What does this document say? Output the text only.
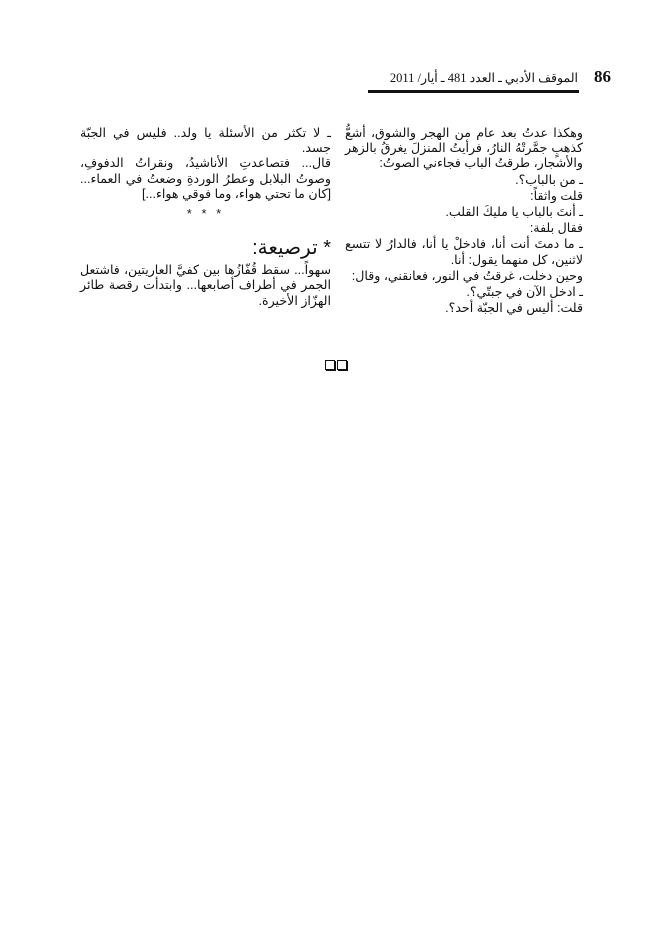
الموقف الأدبي ـ العدد 481 ـ أيار/ 2011 86

وهكذا عدتُ بعد عام من الهجر والشوق، أشعُّ كذهبٍ جمَّرتْهُ النارُ، فرأيتُ المنزلَ يغرقُ بالزهر والأشجار، طرقتُ الباب فجاءني الصوتُ:

ـ من بالباب؟.

قلت واثقاً:

ـ أنتَ بالباب يا مليكَ القلب.

فقال بلفة:

ـ ما دمتَ أنت أنا، فادخلْ يا أنا، فالدارُ لا تتسع لاثنين، كل منهما يقول: أنا.

وحين دخلت، غرقتُ في النور، فعانقني، وقال:

ـ ادخل الآن في جبتّي؟.

قلت: أليس في الجبّة أحد؟.

ـ لا تكثر من الأسئلة يا ولد.. فليس في الجبّة جسد.

قال... فتصاعدتِ الأناشيدُ، ونقراتُ الدفوفِ، وصوتُ البلابل وعطرُ الوردةِ وضعتُ في العماء... [كان ما تحتي هواء، وما فوقي هواء...]

* * *
* ترصيعة:

سهواً... سقط قُفّازُها بين كفيَّ العاريتين، فاشتعل الجمر في أطراف أصابعها... وابتدأت رقصة طائر الهزّاز الأخيرة.
